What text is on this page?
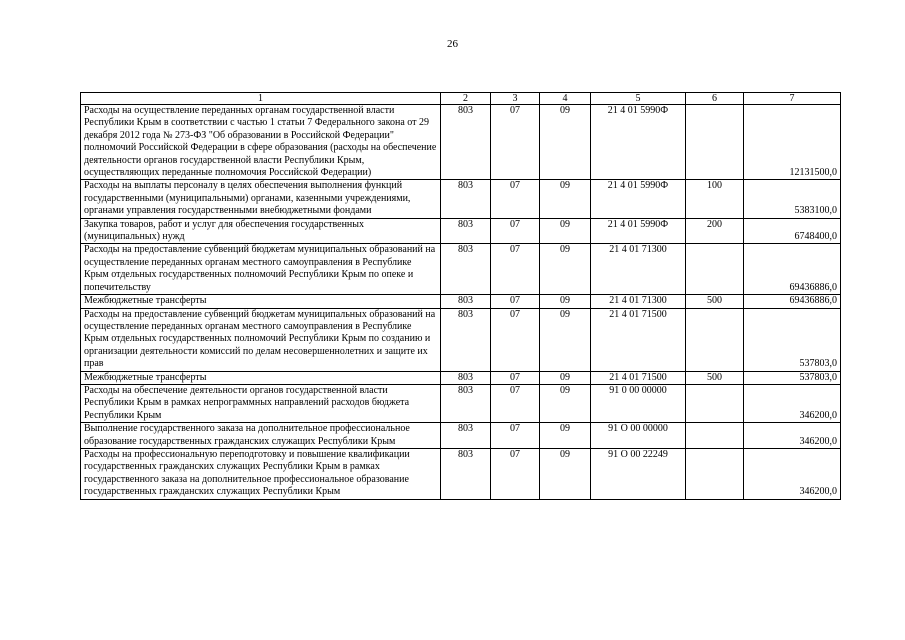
26
1	2	3	4	5	6	7
Расходы на осуществление переданных органам государственной власти Республики Крым в соответствии с частью 1 статьи 7 Федерального закона от 29 декабря 2012 года № 273-ФЗ "Об образовании в Российской Федерации" полномочий Российской Федерации в сфере образования (расходы на обеспечение деятельности органов государственной власти Республики Крым, осуществляющих переданные полномочия Российской Федерации)	803	07	09	21 4 01 5990Ф		12131500,0
Расходы на выплаты персоналу в целях обеспечения выполнения функций государственными (муниципальными) органами, казенными учреждениями, органами управления государственными внебюджетными фондами	803	07	09	21 4 01 5990Ф	100	5383100,0
Закупка товаров, работ и услуг для обеспечения государственных (муниципальных) нужд	803	07	09	21 4 01 5990Ф	200	6748400,0
Расходы на предоставление субвенций бюджетам муниципальных образований на осуществление переданных органам местного самоуправления в Республике Крым отдельных государственных полномочий Республики Крым по опеке и попечительству	803	07	09	21 4 01 71300		69436886,0
Межбюджетные трансферты	803	07	09	21 4 01 71300	500	69436886,0
Расходы на предоставление субвенций бюджетам муниципальных образований на осуществление переданных органам местного самоуправления в Республике Крым отдельных государственных полномочий Республики Крым по созданию и организации деятельности комиссий по делам несовершеннолетних и защите их прав	803	07	09	21 4 01 71500		537803,0
Межбюджетные трансферты	803	07	09	21 4 01 71500	500	537803,0
Расходы на обеспечение деятельности органов государственной власти Республики Крым в рамках непрограммных направлений расходов бюджета Республики Крым	803	07	09	91 0 00 00000		346200,0
Выполнение государственного заказа на дополнительное профессиональное образование государственных гражданских служащих Республики Крым	803	07	09	91 О 00 00000		346200,0
Расходы на профессиональную переподготовку и повышение квалификации государственных гражданских служащих Республики Крым в рамках государственного заказа на дополнительное профессиональное образование государственных гражданских служащих Республики Крым	803	07	09	91 О 00 22249		346200,0
